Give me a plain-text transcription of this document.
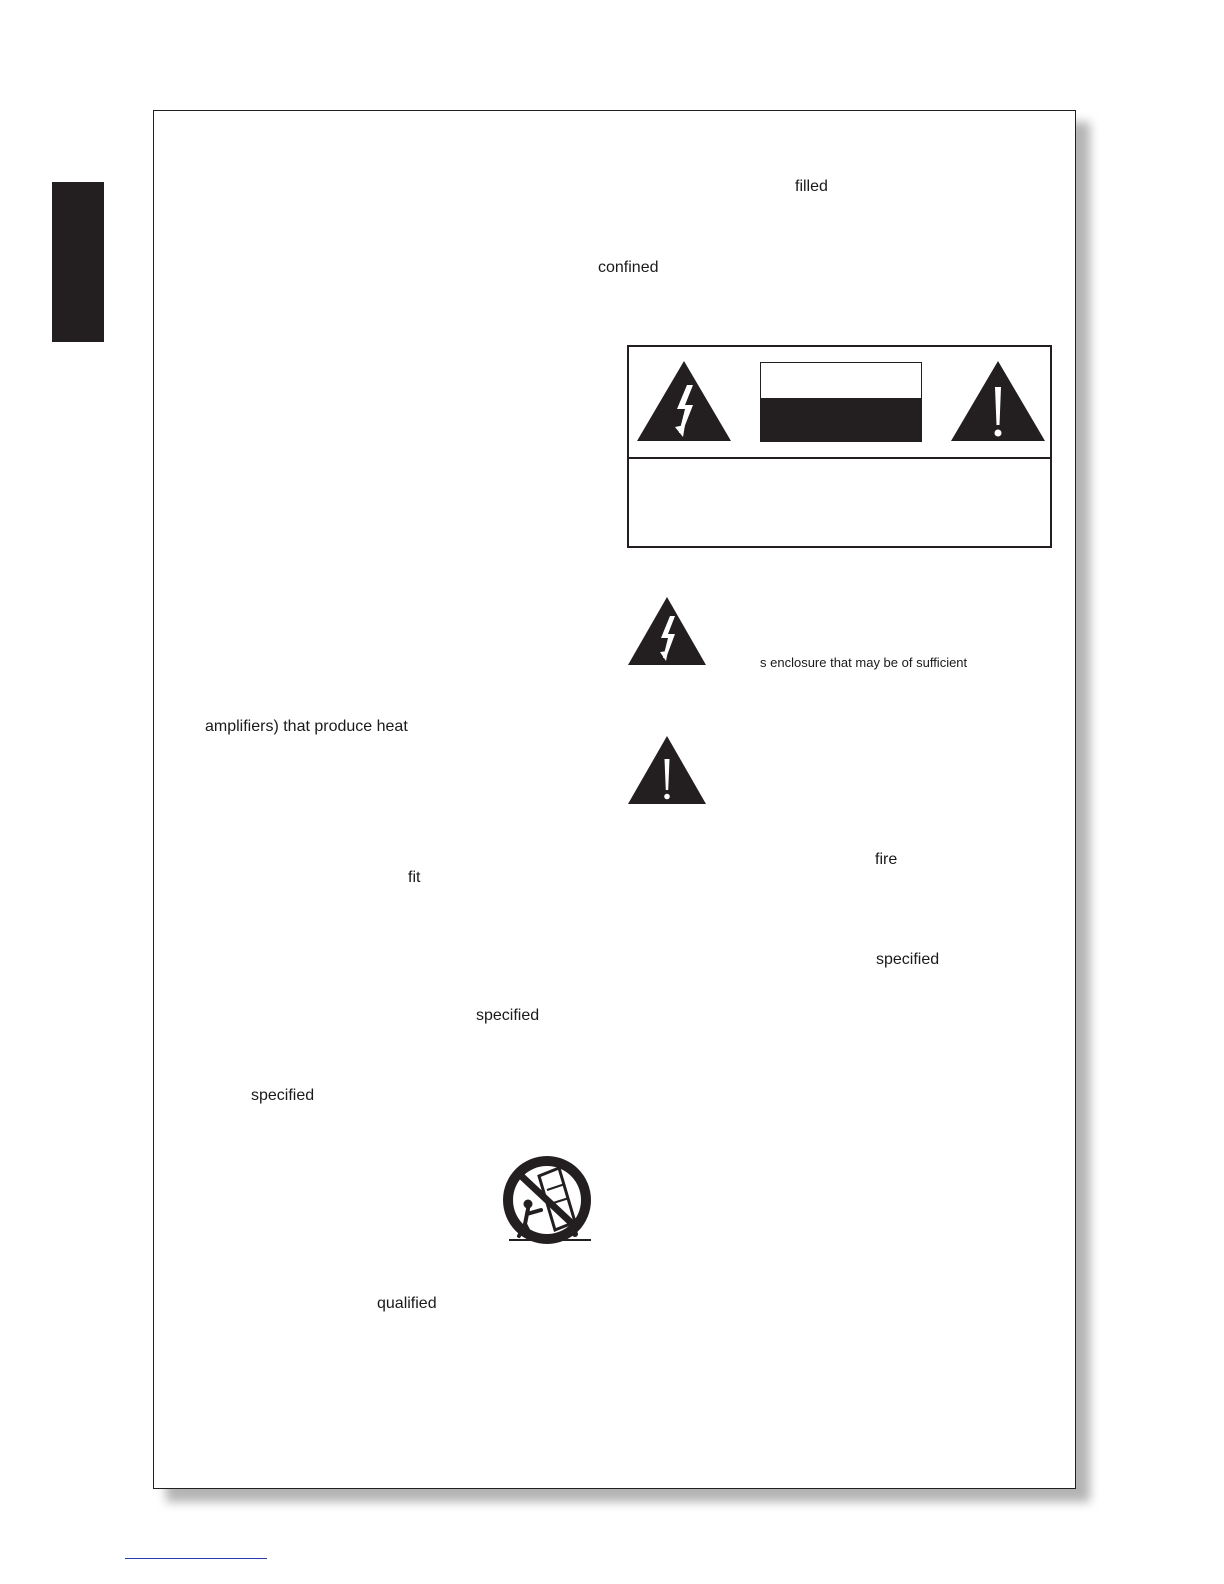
filled
confined
s enclosure that may be of sufficient
amplifiers) that produce heat
fit
specified
specified
qualified
fire
specified
